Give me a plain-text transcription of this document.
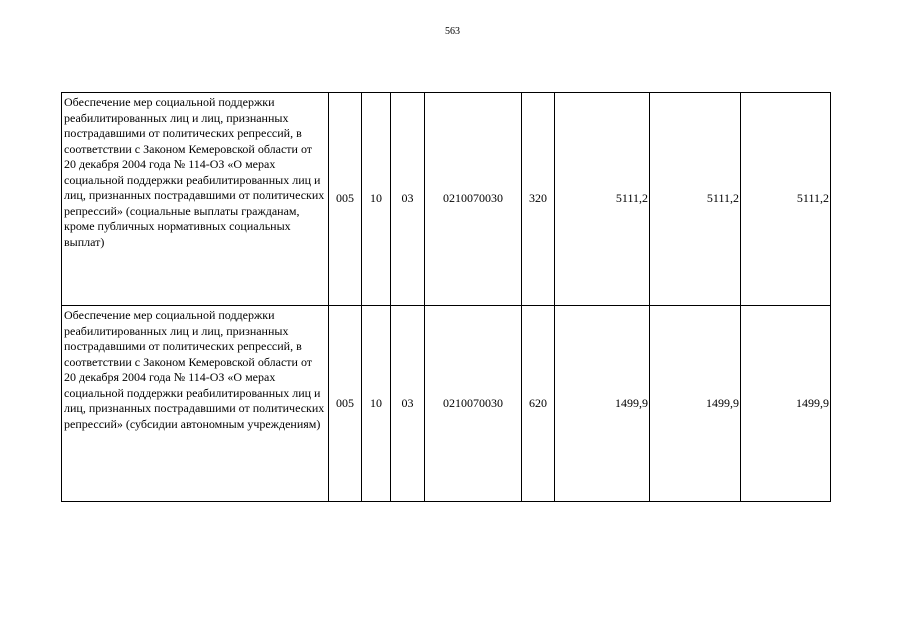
563
Обеспечение мер социальной поддержки реабилитированных лиц и лиц, признанных пострадавшими от политических репрессий, в соответствии с Законом Кемеровской области от 20 декабря 2004 года № 114-ОЗ «О мерах социальной поддержки реабилитированных лиц и лиц, признанных пострадавшими от политических репрессий» (социальные выплаты гражданам, кроме публичных нормативных социальных выплат)	005	10	03	0210070030	320	5111,2	5111,2	5111,2
Обеспечение мер социальной поддержки реабилитированных лиц и лиц, признанных пострадавшими от политических репрессий, в соответствии с Законом Кемеровской области от 20 декабря 2004 года № 114-ОЗ «О мерах социальной поддержки реабилитированных лиц и лиц, признанных пострадавшими от политических репрессий» (субсидии автономным учреждениям)	005	10	03	0210070030	620	1499,9	1499,9	1499,9
